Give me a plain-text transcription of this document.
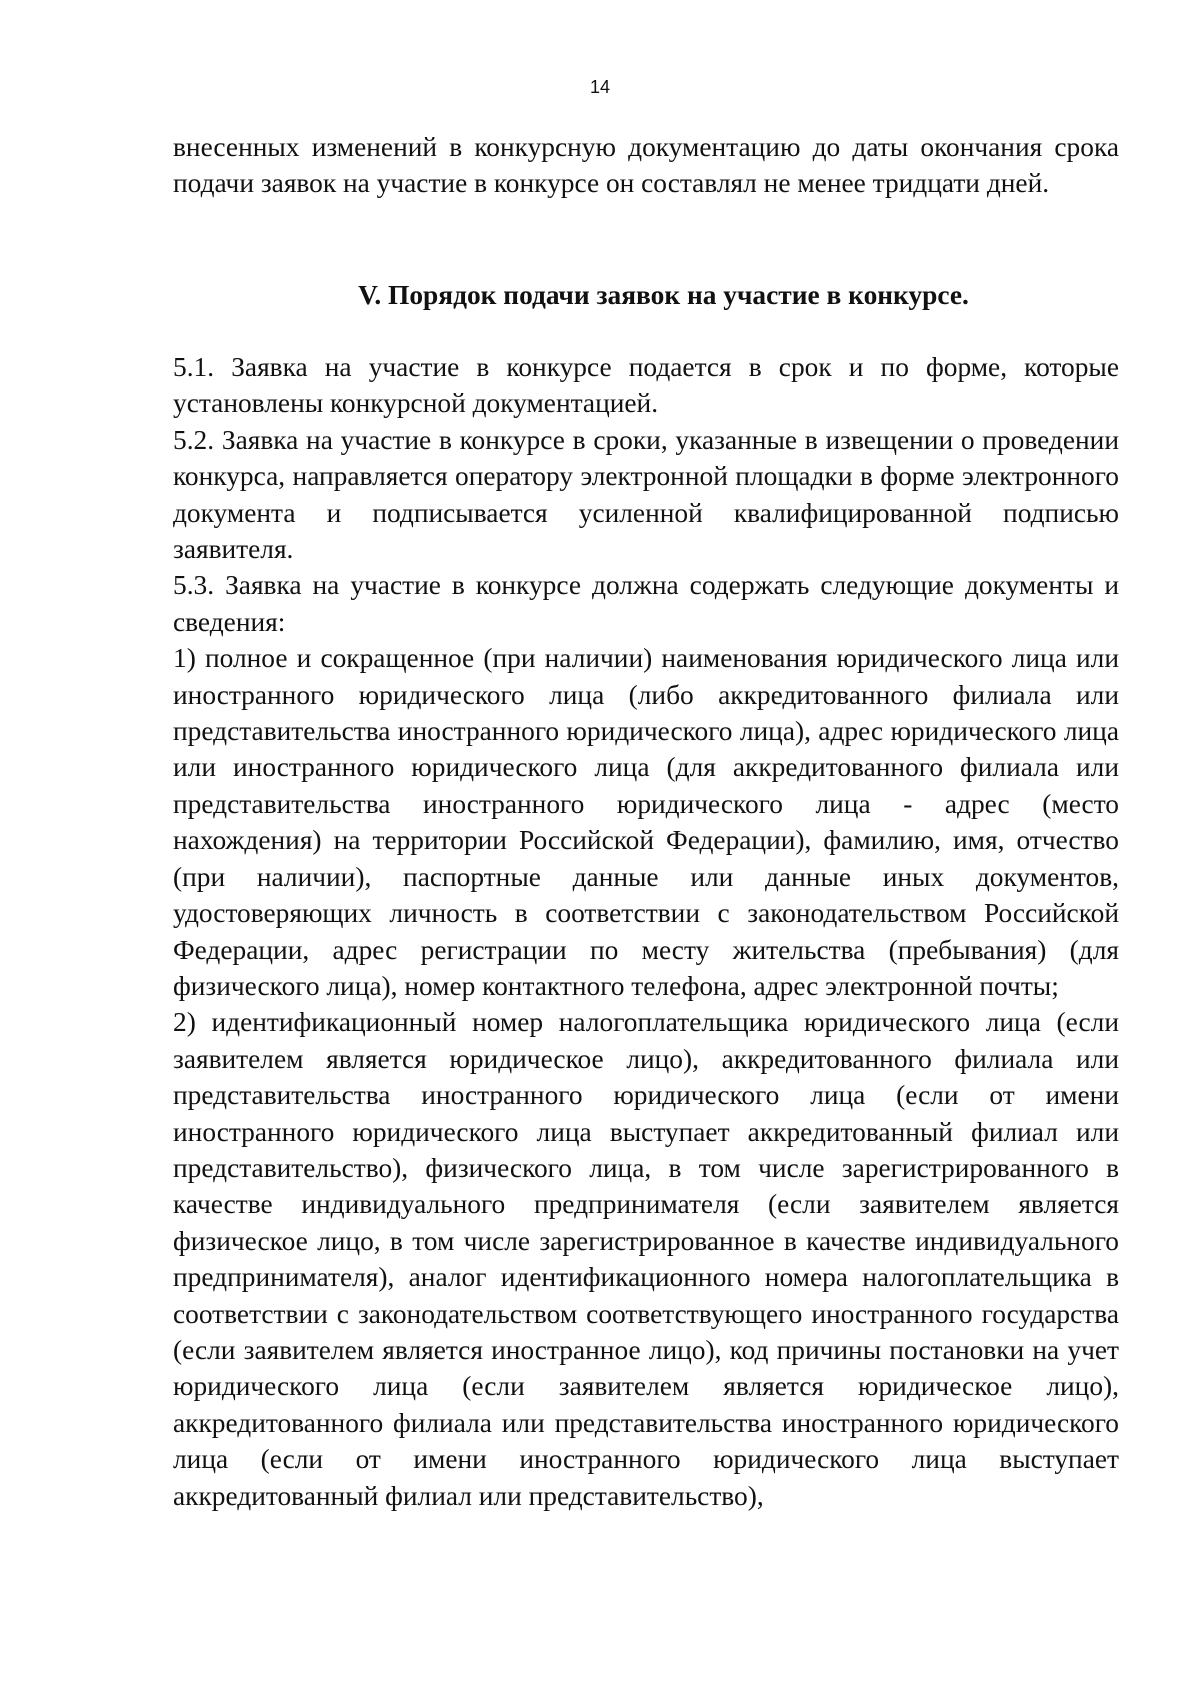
14

внесенных изменений в конкурсную документацию до даты окончания срока подачи заявок на участие в конкурсе он составлял не менее тридцати дней.

V. Порядок подачи заявок на участие в конкурсе.

5.1. Заявка на участие в конкурсе подается в срок и по форме, которые установлены конкурсной документацией.

5.2. Заявка на участие в конкурсе в сроки, указанные в извещении о проведении конкурса, направляется оператору электронной площадки в форме электронного документа и подписывается усиленной квалифицированной подписью заявителя.

5.3. Заявка на участие в конкурсе должна содержать следующие документы и сведения:

1) полное и сокращенное (при наличии) наименования юридического лица или иностранного юридического лица (либо аккредитованного филиала или представительства иностранного юридического лица), адрес юридического лица или иностранного юридического лица (для аккредитованного филиала или представительства иностранного юридического лица - адрес (место нахождения) на территории Российской Федерации), фамилию, имя, отчество (при наличии), паспортные данные или данные иных документов, удостоверяющих личность в соответствии с законодательством Российской Федерации, адрес регистрации по месту жительства (пребывания) (для физического лица), номер контактного телефона, адрес электронной почты;

2) идентификационный номер налогоплательщика юридического лица (если заявителем является юридическое лицо), аккредитованного филиала или представительства иностранного юридического лица (если от имени иностранного юридического лица выступает аккредитованный филиал или представительство), физического лица, в том числе зарегистрированного в качестве индивидуального предпринимателя (если заявителем является физическое лицо, в том числе зарегистрированное в качестве индивидуального предпринимателя), аналог идентификационного номера налогоплательщика в соответствии с законодательством соответствующего иностранного государства (если заявителем является иностранное лицо), код причины постановки на учет юридического лица (если заявителем является юридическое лицо), аккредитованного филиала или представительства иностранного юридического лица (если от имени иностранного юридического лица выступает аккредитованный филиал или представительство),
